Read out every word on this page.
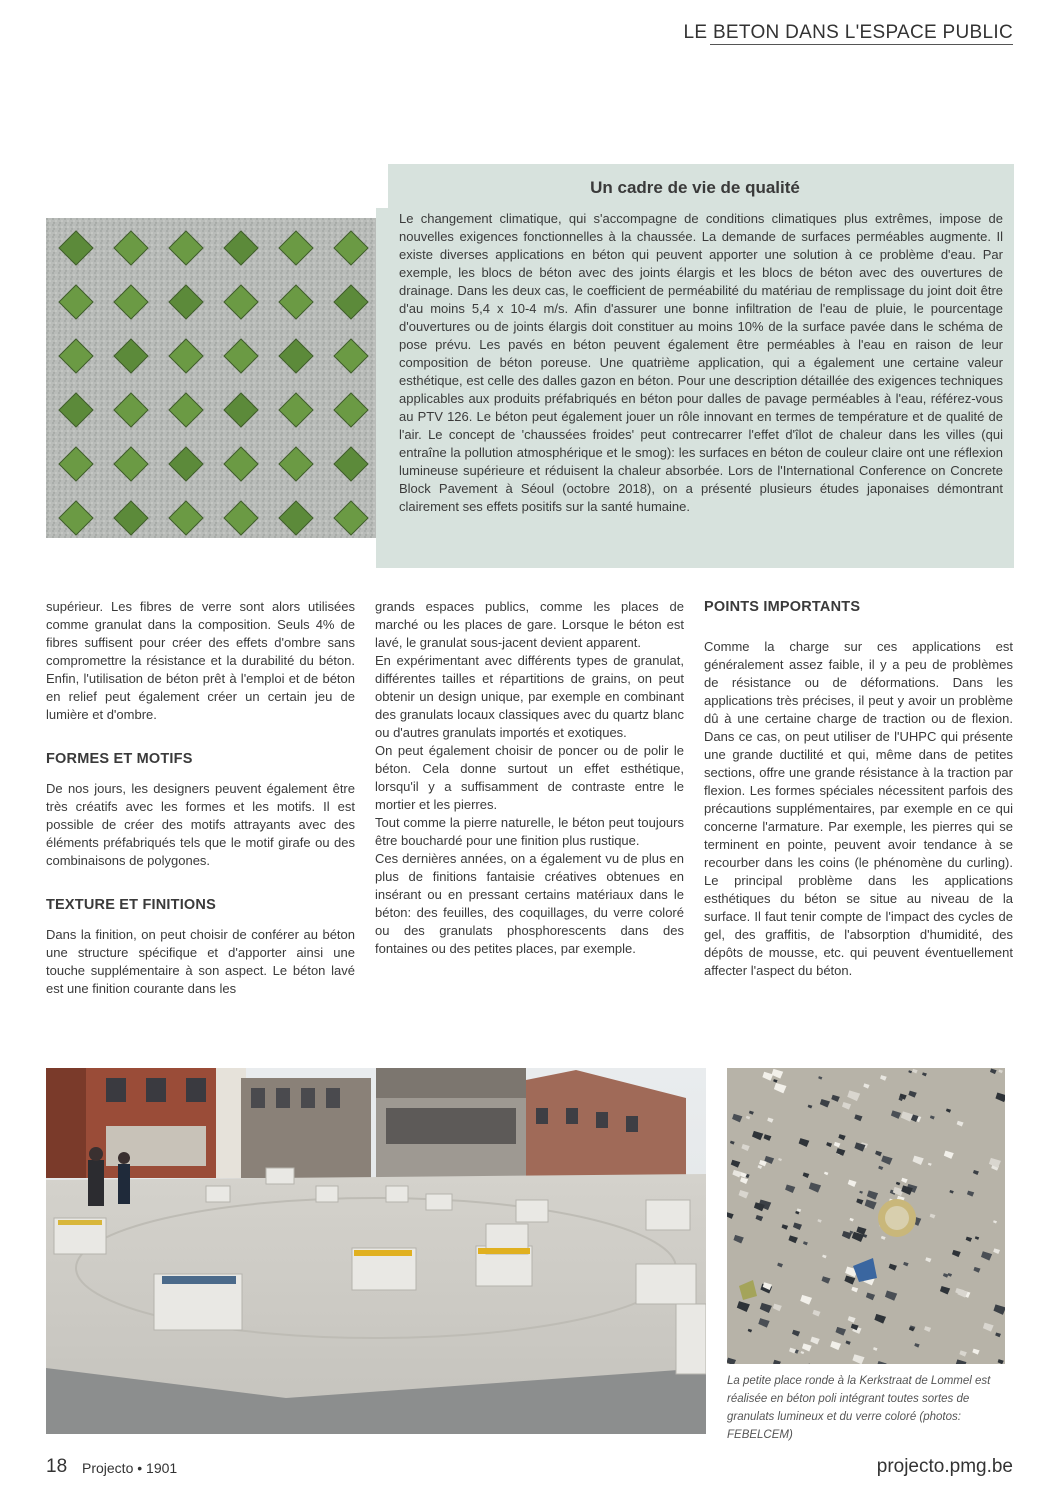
LE BETON DANS L'ESPACE PUBLIC
Un cadre de vie de qualité
Le changement climatique, qui s'accompagne de conditions climatiques plus extrêmes, impose de nouvelles exigences fonctionnelles à la chaussée. La demande de surfaces perméables augmente. Il existe diverses applications en béton qui peuvent apporter une solution à ce problème d'eau. Par exemple, les blocs de béton avec des joints élargis et les blocs de béton avec des ouvertures de drainage. Dans les deux cas, le coefficient de perméabilité du matériau de remplissage du joint doit être d'au moins 5,4 x 10-4 m/s. Afin d'assurer une bonne infiltration de l'eau de pluie, le pourcentage d'ouvertures ou de joints élargis doit constituer au moins 10% de la surface pavée dans le schéma de pose prévu. Les pavés en béton peuvent également être perméables à l'eau en raison de leur composition de béton poreuse. Une quatrième application, qui a également une certaine valeur esthétique, est celle des dalles gazon en béton. Pour une description détaillée des exigences techniques applicables aux produits préfabriqués en béton pour dalles de pavage perméables à l'eau, référez-vous au PTV 126. Le béton peut également jouer un rôle innovant en termes de température et de qualité de l'air. Le concept de 'chaussées froides' peut contrecarrer l'effet d'îlot de chaleur dans les villes (qui entraîne la pollution atmosphérique et le smog): les surfaces en béton de couleur claire ont une réflexion lumineuse supérieure et réduisent la chaleur absorbée. Lors de l'International Conference on Concrete Block Pavement à Séoul (octobre 2018), on a présenté plusieurs études japonaises démontrant clairement ses effets positifs sur la santé humaine.

supérieur. Les fibres de verre sont alors utilisées comme granulat dans la composition. Seuls 4% de fibres suffisent pour créer des effets d'ombre sans compromettre la résistance et la durabilité du béton. Enfin, l'utilisation de béton prêt à l'emploi et de béton en relief peut également créer un certain jeu de lumière et d'ombre.

FORMES ET MOTIFS

De nos jours, les designers peuvent également être très créatifs avec les formes et les motifs. Il est possible de créer des motifs attrayants avec des éléments préfabriqués tels que le motif girafe ou des combinaisons de polygones.

TEXTURE ET FINITIONS

Dans la finition, on peut choisir de conférer au béton une structure spécifique et d'apporter ainsi une touche supplémentaire à son aspect. Le béton lavé est une finition courante dans les

grands espaces publics, comme les places de marché ou les places de gare. Lorsque le béton est lavé, le granulat sous-jacent devient apparent.

En expérimentant avec différents types de granulat, différentes tailles et répartitions de grains, on peut obtenir un design unique, par exemple en combinant des granulats locaux classiques avec du quartz blanc ou d'autres granulats importés et exotiques.

On peut également choisir de poncer ou de polir le béton. Cela donne surtout un effet esthétique, lorsqu'il y a suffisamment de contraste entre le mortier et les pierres.

Tout comme la pierre naturelle, le béton peut toujours être bouchardé pour une finition plus rustique.

Ces dernières années, on a également vu de plus en plus de finitions fantaisie créatives obtenues en insérant ou en pressant certains matériaux dans le béton: des feuilles, des coquillages, du verre coloré ou des granulats phosphorescents dans des fontaines ou des petites places, par exemple.

POINTS IMPORTANTS

Comme la charge sur ces applications est généralement assez faible, il y a peu de problèmes de résistance ou de déformations. Dans les applications très précises, il peut y avoir un problème dû à une certaine charge de traction ou de flexion. Dans ce cas, on peut utiliser de l'UHPC qui présente une grande ductilité et qui, même dans de petites sections, offre une grande résistance à la traction par flexion. Les formes spéciales nécessitent parfois des précautions supplémentaires, par exemple en ce qui concerne l'armature. Par exemple, les pierres qui se terminent en pointe, peuvent avoir tendance à se recourber dans les coins (le phénomène du curling). Le principal problème dans les applications esthétiques du béton se situe au niveau de la surface. Il faut tenir compte de l'impact des cycles de gel, des graffitis, de l'absorption d'humidité, des dépôts de mousse, etc. qui peuvent éventuellement affecter l'aspect du béton.

La petite place ronde à la Kerkstraat de Lommel est réalisée en béton poli intégrant toutes sortes de granulats lumineux et du verre coloré (photos: FEBELCEM)
18 Projecto • 1901	projecto.pmg.be
